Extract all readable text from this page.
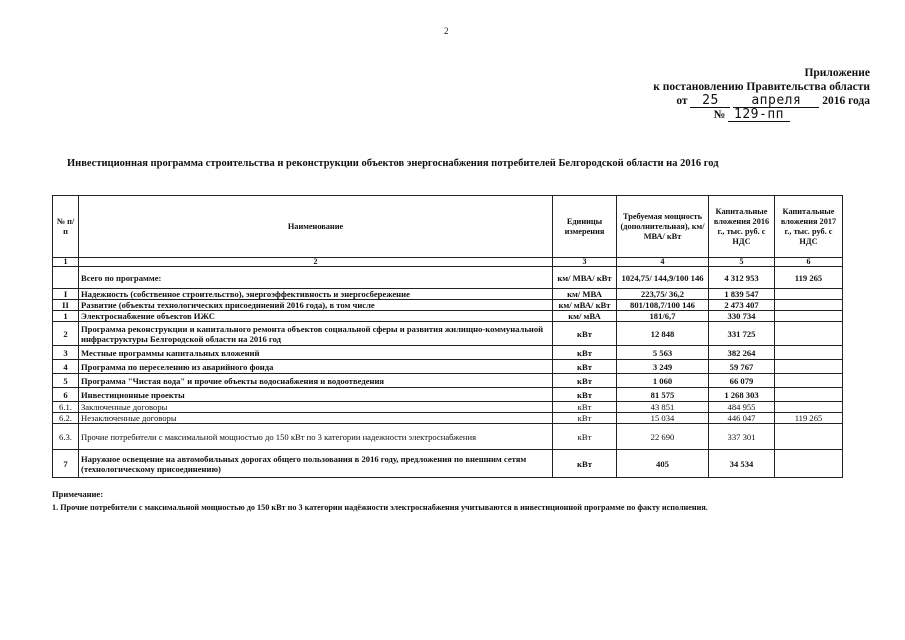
2
Приложение
к постановлению Правительства области
от 25	апреля 2016 года
№ 129-пп
Инвестиционная программа строительства и реконструкции объектов энергоснабжения потребителей Белгородской области на 2016 год
№ п/п	Наименование	Единицы измерения	Требуемая мощность (дополнительная), км/ МВА/ кВт	Капитальные вложения 2016 г., тыс. руб. с НДС	Капитальные вложения 2017 г., тыс. руб. с НДС
1	2	3	4	5	6
	Всего по программе:	км/ МВА/ кВт	1024,75/ 144,9/100 146	4 312 953	119 265
I	Надежность (собственное строительство), энергоэффективность и энергосбережение	км/ МВА	223,75/ 36,2	1 839 547	
II	Развитие (объекты технологических присоединений 2016 года), в том числе	км/ мВА/ кВт	801/108,7/100 146	2 473 407	
1	Электроснабжение объектов ИЖС	км/ мВА	181/6,7	330 734	
2	Программа реконструкции и капитального ремонта объектов социальной сферы и развития жилищно-коммунальной инфраструктуры Белгородской области на 2016 год	кВт	12 848	331 725	
3	Местные программы капитальных вложений	кВт	5 563	382 264	
4	Программа по переселению из аварийного фонда	кВт	3 249	59 767	
5	Программа "Чистая вода" и прочие объекты водоснабжения и водоотведения	кВт	1 060	66 079	
6	Инвестиционные проекты	кВт	81 575	1 268 303	
6.1.	Заключенные договоры	кВт	43 851	484 955	
6.2.	Незаключенные договоры	кВт	15 034	446 047	119 265
6.3.	Прочие потребители с максимальной мощностью до 150 кВт по 3 категории надежности электроснабжения	кВт	22 690	337 301	
7	Наружное освещение на автомобильных дорогах общего пользования в 2016 году, предложения по внешним сетям (технологическому присоединению)	кВт	405	34 534	
Примечание:
1. Прочие потребители с максимальной мощностью до 150 кВт по 3 категории надёжности электроснабжения учитываются в инвестиционной программе по факту исполнения.
